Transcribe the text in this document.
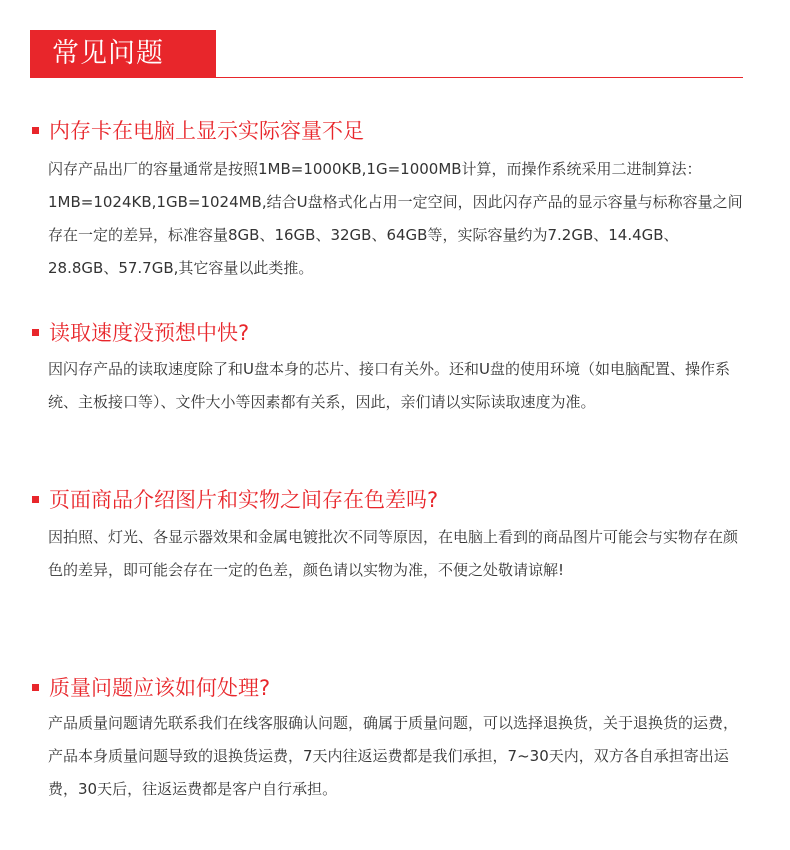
常见问题
内存卡在电脑上显示实际容量不足
闪存产品出厂的容量通常是按照1MB=1000KB,1G=1000MB计算，而操作系统采用二进制算法：1MB=1024KB,1GB=1024MB,结合U盘格式化占用一定空间，因此闪存产品的显示容量与标称容量之间存在一定的差异，标准容量8GB、16GB、32GB、64GB等，实际容量约为7.2GB、14.4GB、28.8GB、57.7GB,其它容量以此类推。
读取速度没预想中快?
因闪存产品的读取速度除了和U盘本身的芯片、接口有关外。还和U盘的使用环境（如电脑配置、操作系统、主板接口等）、文件大小等因素都有关系，因此，亲们请以实际读取速度为准。
页面商品介绍图片和实物之间存在色差吗?
因拍照、灯光、各显示器效果和金属电镀批次不同等原因，在电脑上看到的商品图片可能会与实物存在颜色的差异，即可能会存在一定的色差，颜色请以实物为准，不便之处敬请谅解!
质量问题应该如何处理?
产品质量问题请先联系我们在线客服确认问题，确属于质量问题，可以选择退换货，关于退换货的运费，产品本身质量问题导致的退换货运费，7天内往返运费都是我们承担，7~30天内，双方各自承担寄出运费，30天后，往返运费都是客户自行承担。
